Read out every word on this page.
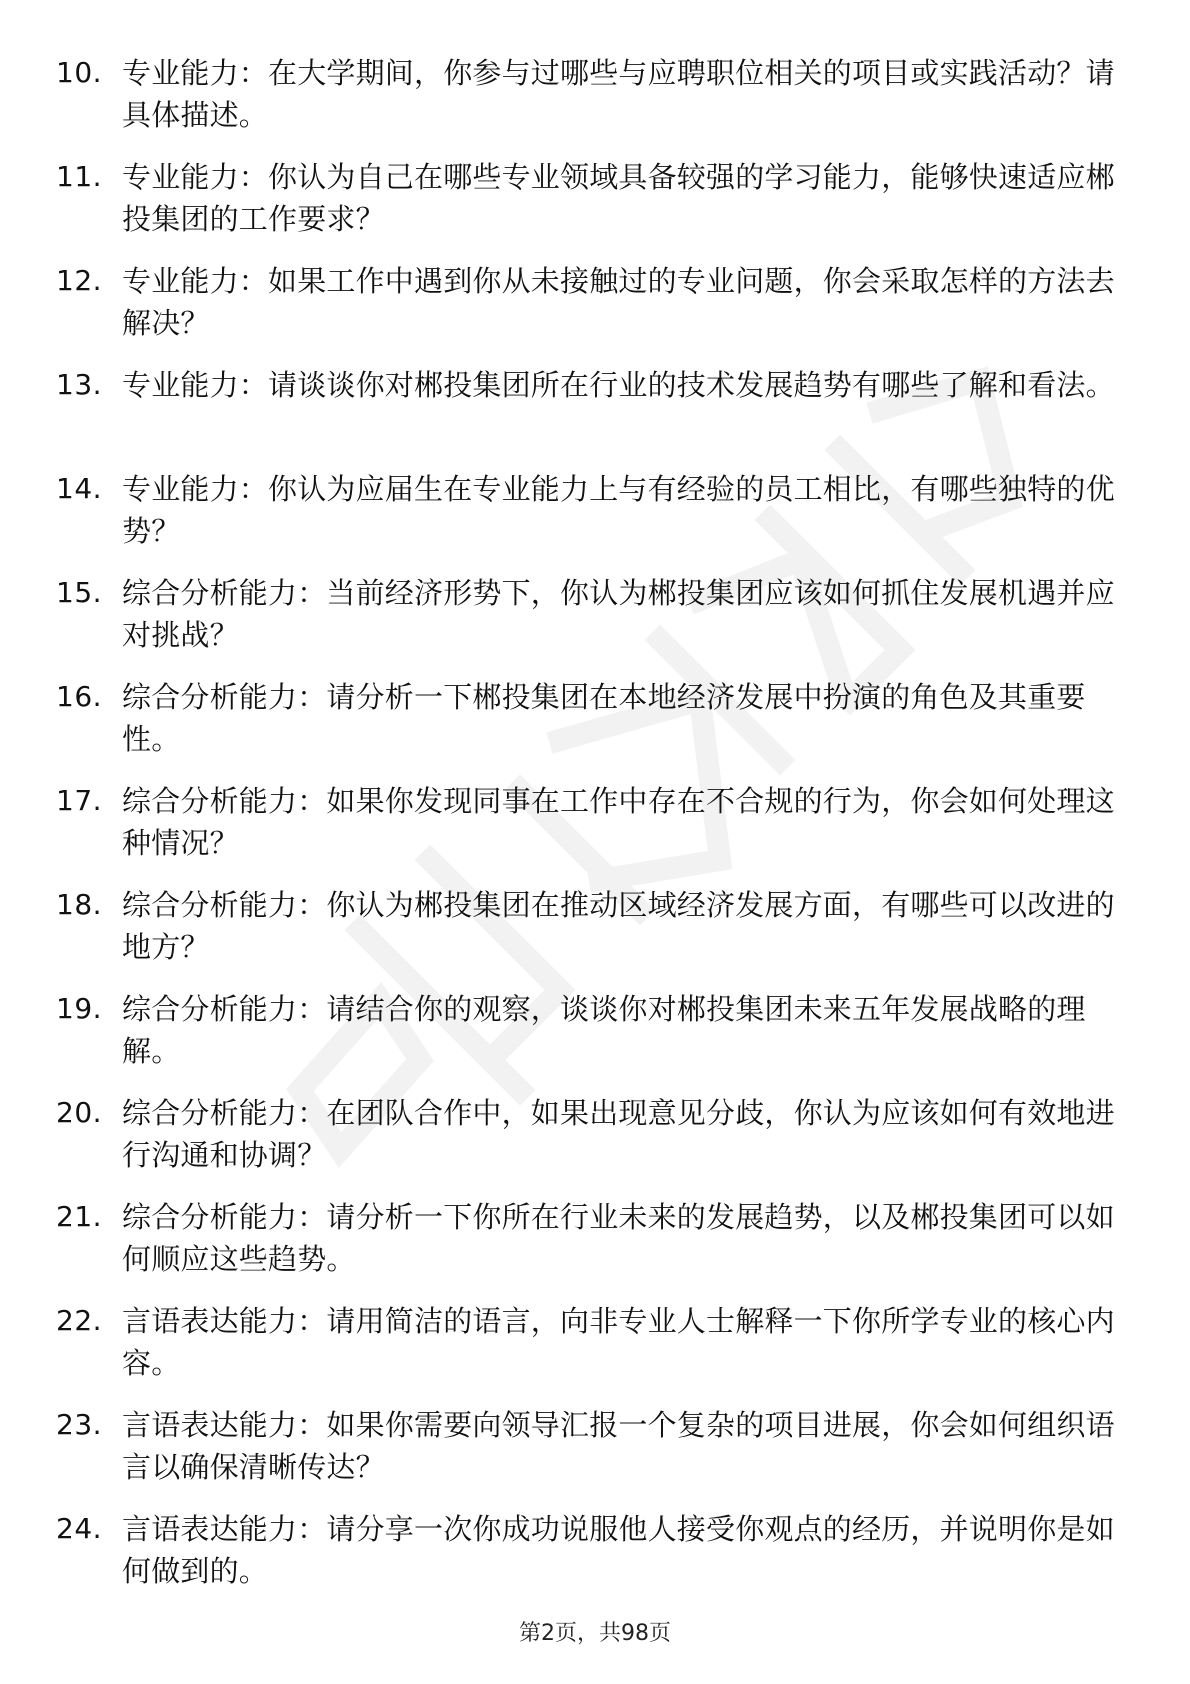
10. 专业能力：在大学期间，你参与过哪些与应聘职位相关的项目或实践活动？请具体描述。
11. 专业能力：你认为自己在哪些专业领域具备较强的学习能力，能够快速适应郴投集团的工作要求？
12. 专业能力：如果工作中遇到你从未接触过的专业问题，你会采取怎样的方法去解决？
13. 专业能力：请谈谈你对郴投集团所在行业的技术发展趋势有哪些了解和看法。
14. 专业能力：你认为应届生在专业能力上与有经验的员工相比，有哪些独特的优势？
15. 综合分析能力：当前经济形势下，你认为郴投集团应该如何抓住发展机遇并应对挑战？
16. 综合分析能力：请分析一下郴投集团在本地经济发展中扮演的角色及其重要性。
17. 综合分析能力：如果你发现同事在工作中存在不合规的行为，你会如何处理这种情况？
18. 综合分析能力：你认为郴投集团在推动区域经济发展方面，有哪些可以改进的地方？
19. 综合分析能力：请结合你的观察，谈谈你对郴投集团未来五年发展战略的理解。
20. 综合分析能力：在团队合作中，如果出现意见分歧，你认为应该如何有效地进行沟通和协调？
21. 综合分析能力：请分析一下你所在行业未来的发展趋势，以及郴投集团可以如何顺应这些趋势。
22. 言语表达能力：请用简洁的语言，向非专业人士解释一下你所学专业的核心内容。
23. 言语表达能力：如果你需要向领导汇报一个复杂的项目进展，你会如何组织语言以确保清晰传达？
24. 言语表达能力：请分享一次你成功说服他人接受你观点的经历，并说明你是如何做到的。
第2页，共98页
